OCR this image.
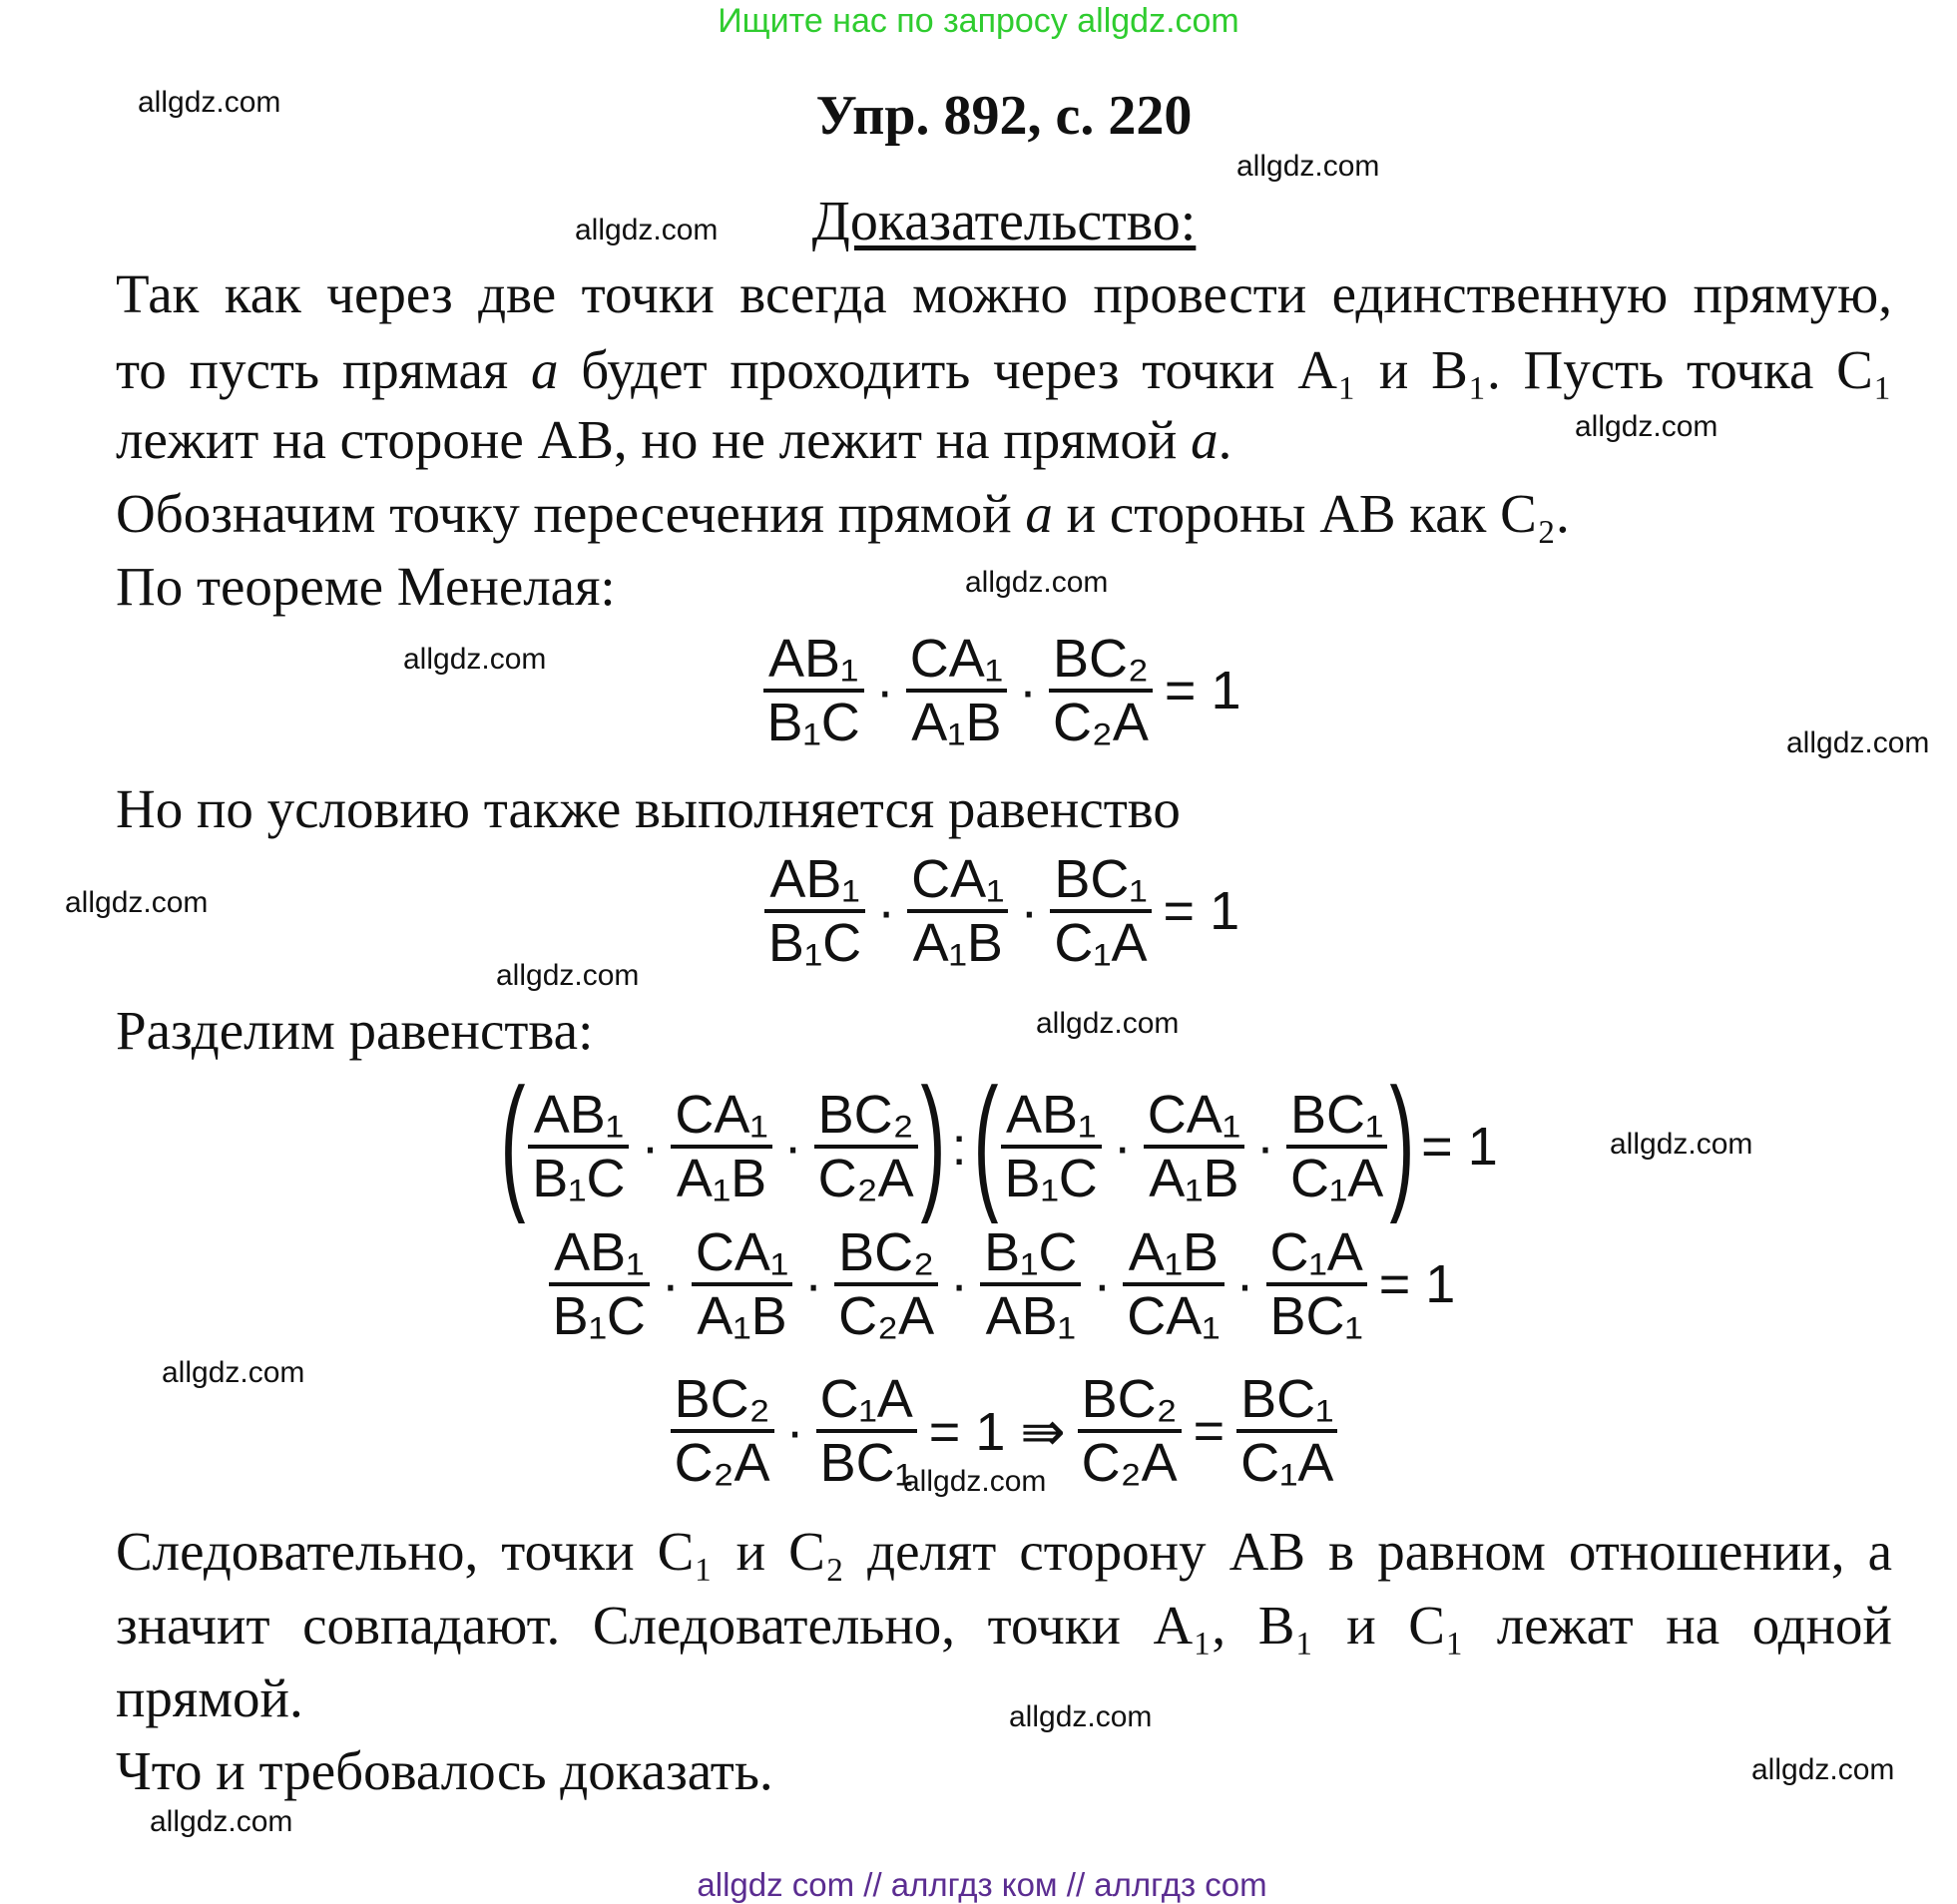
Ищите нас по запросу allgdz.com
Упр. 892, с. 220
Доказательство:
Так как через две точки всегда можно провести единственную прямую,
то пусть прямая a будет проходить через точки A₁ и B₁. Пусть точка C₁
лежит на стороне AB, но не лежит на прямой a.
Обозначим точку пересечения прямой a и стороны AB как C₂.
По теореме Менелая:
$\frac{\text{AB₁}}{\text{B₁C}} \cdot \frac{\text{CA₁}}{\text{A₁B}} \cdot \frac{\text{BC₂}}{\text{C₂A}} = 1$
Но по условию также выполняется равенство
$\frac{\text{AB₁}}{\text{B₁C}} \cdot \frac{\text{CA₁}}{\text{A₁B}} \cdot \frac{\text{BC₁}}{\text{C₁A}} = 1$
Разделим равенства:
( $\frac{\text{AB₁}}{\text{B₁C}} \cdot \frac{\text{CA₁}}{\text{A₁B}} \cdot \frac{\text{BC₂}}{\text{C₂A}}$ ) : ( $\frac{\text{AB₁}}{\text{B₁C}} \cdot \frac{\text{CA₁}}{\text{A₁B}} \cdot \frac{\text{BC₁}}{\text{C₁A}}$ ) = 1
$\frac{\text{AB₁}}{\text{B₁C}} \cdot \frac{\text{CA₁}}{\text{A₁B}} \cdot \frac{\text{BC₂}}{\text{C₂A}} \cdot \frac{\text{B₁C}}{\text{AB₁}} \cdot \frac{\text{A₁B}}{\text{CA₁}} \cdot \frac{\text{C₁A}}{\text{BC₁}} = 1$
$\frac{\text{BC₂}}{\text{C₂A}} \cdot \frac{\text{C₁A}}{\text{BC₁}} = 1$ ⇛ $\frac{\text{BC₂}}{\text{C₂A}} = \frac{\text{BC₁}}{\text{C₁A}}$
Следовательно, точки C₁ и C₂ делят сторону AB в равном отношении, а
значит совпадают. Следовательно, точки A₁, B₁ и C₁ лежат на одной
прямой.
Что и требовалось доказать.
allgdz.com
allgdz.com
allgdz.com
allgdz.com
allgdz.com
allgdz.com
allgdz.com
allgdz.com
allgdz.com
allgdz.com
allgdz.com
allgdz.com
allgdz.com
allgdz.com
allgdz.com
allgdz.com
allgdz com // аллгдз ком // аллгдз com
